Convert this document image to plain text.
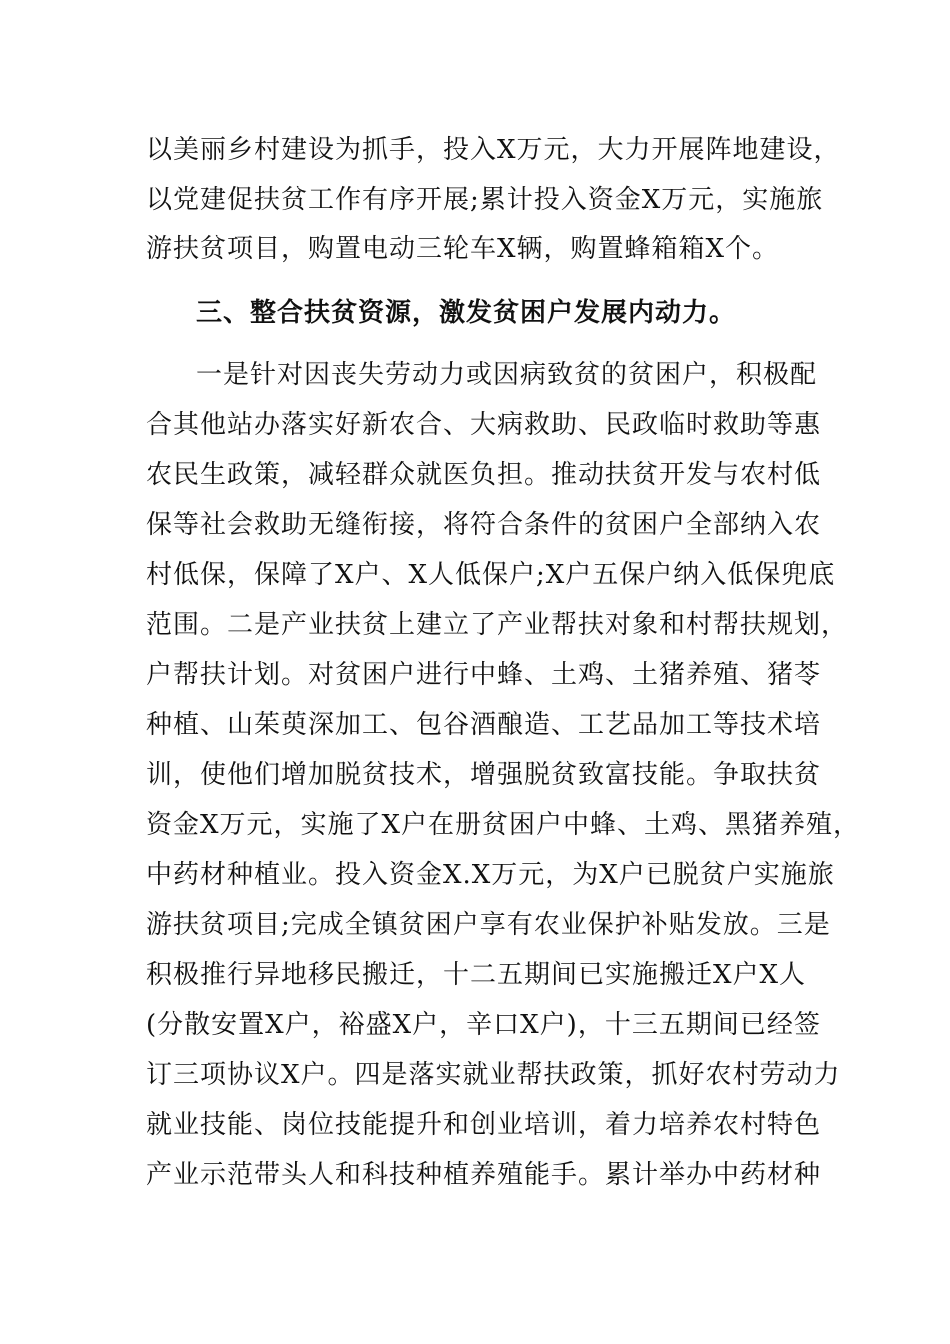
以美丽乡村建设为抓手，投入X万元，大力开展阵地建设，
以党建促扶贫工作有序开展;累计投入资金X万元，实施旅
游扶贫项目，购置电动三轮车X辆，购置蜂箱箱X个。
三、整合扶贫资源，激发贫困户发展内动力。
一是针对因丧失劳动力或因病致贫的贫困户，积极配
合其他站办落实好新农合、大病救助、民政临时救助等惠
农民生政策，减轻群众就医负担。推动扶贫开发与农村低
保等社会救助无缝衔接，将符合条件的贫困户全部纳入农
村低保，保障了X户、X人低保户;X户五保户纳入低保兜底
范围。二是产业扶贫上建立了产业帮扶对象和村帮扶规划，
户帮扶计划。对贫困户进行中蜂、土鸡、土猪养殖、猪苓
种植、山茱萸深加工、包谷酒酿造、工艺品加工等技术培
训，使他们增加脱贫技术，增强脱贫致富技能。争取扶贫
资金X万元，实施了X户在册贫困户中蜂、土鸡、黑猪养殖，
中药材种植业。投入资金X.X万元，为X户已脱贫户实施旅
游扶贫项目;完成全镇贫困户享有农业保护补贴发放。三是
积极推行异地移民搬迁，十二五期间已实施搬迁X户X人
(分散安置X户，裕盛X户，辛口X户)，十三五期间已经签
订三项协议X户。四是落实就业帮扶政策，抓好农村劳动力
就业技能、岗位技能提升和创业培训，着力培养农村特色
产业示范带头人和科技种植养殖能手。累计举办中药材种
